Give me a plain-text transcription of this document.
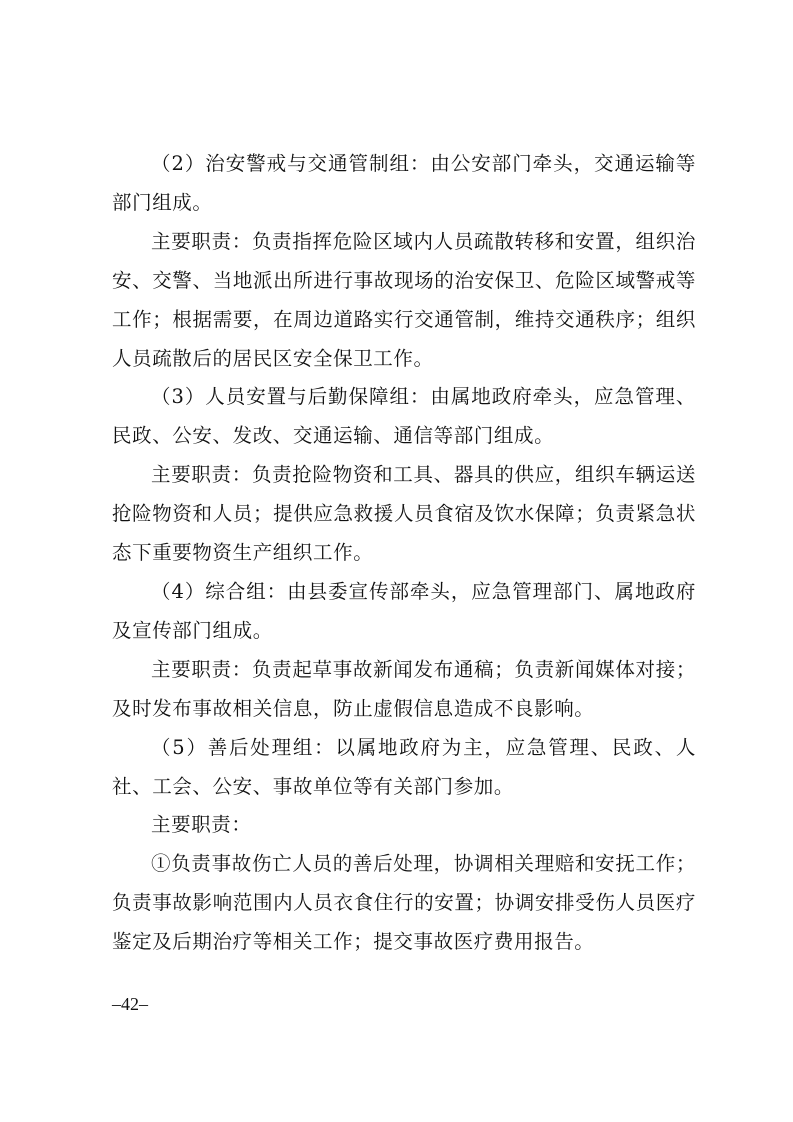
（2）治安警戒与交通管制组：由公安部门牵头，交通运输等部门组成。

主要职责：负责指挥危险区域内人员疏散转移和安置，组织治安、交警、当地派出所进行事故现场的治安保卫、危险区域警戒等工作；根据需要，在周边道路实行交通管制，维持交通秩序；组织人员疏散后的居民区安全保卫工作。

（3）人员安置与后勤保障组：由属地政府牵头，应急管理、民政、公安、发改、交通运输、通信等部门组成。

主要职责：负责抢险物资和工具、器具的供应，组织车辆运送抢险物资和人员；提供应急救援人员食宿及饮水保障；负责紧急状态下重要物资生产组织工作。

（4）综合组：由县委宣传部牵头，应急管理部门、属地政府及宣传部门组成。

主要职责：负责起草事故新闻发布通稿；负责新闻媒体对接；及时发布事故相关信息，防止虚假信息造成不良影响。

（5）善后处理组：以属地政府为主，应急管理、民政、人社、工会、公安、事故单位等有关部门参加。

主要职责：

①负责事故伤亡人员的善后处理，协调相关理赔和安抚工作；负责事故影响范围内人员衣食住行的安置；协调安排受伤人员医疗鉴定及后期治疗等相关工作；提交事故医疗费用报告。

–42–
